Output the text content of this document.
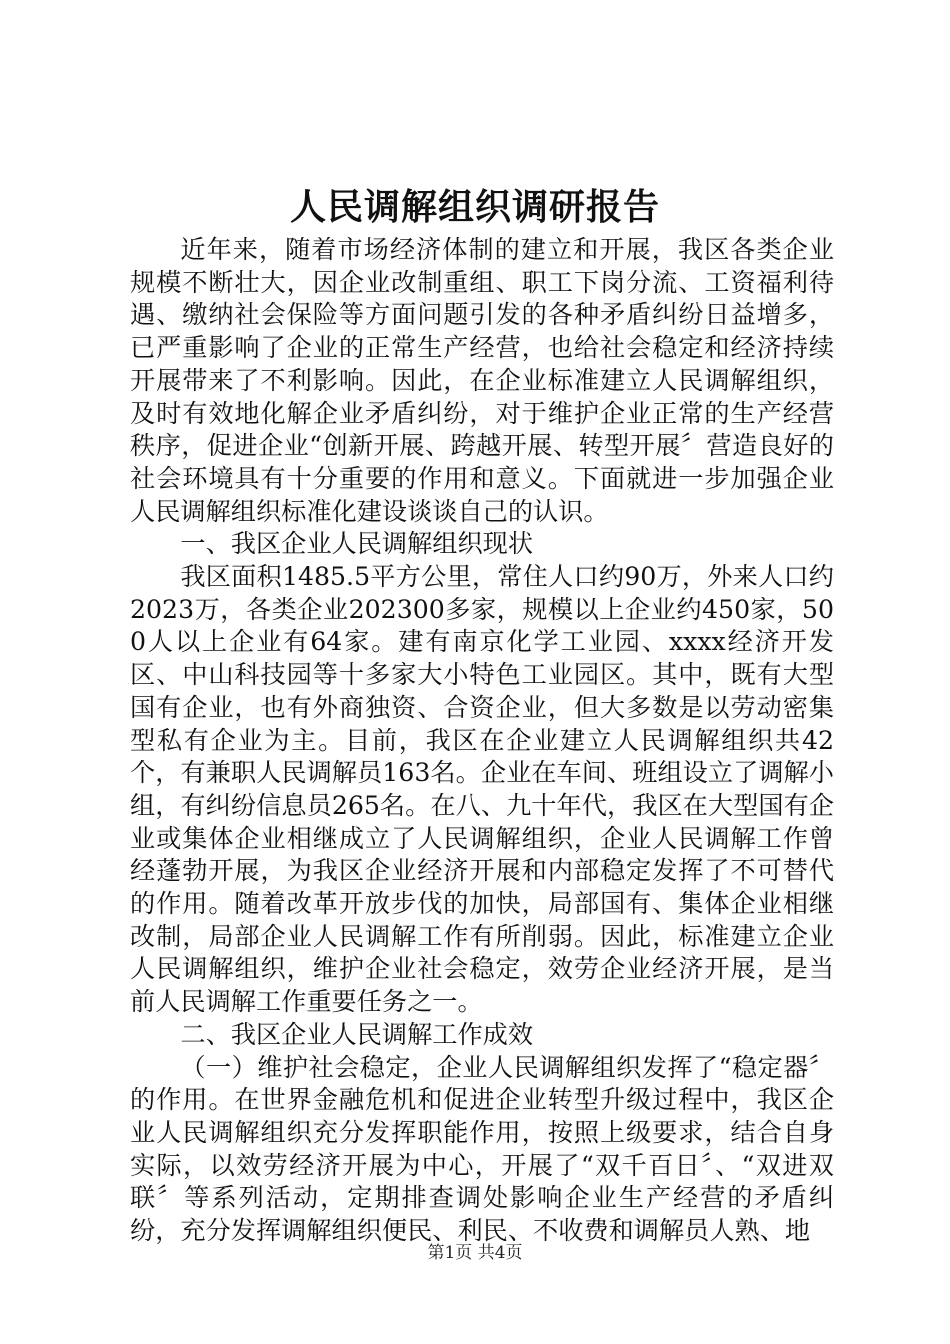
人民调解组织调研报告

近年来，随着市场经济体制的建立和开展，我区各类企业规模不断壮大，因企业改制重组、职工下岗分流、工资福利待遇、缴纳社会保险等方面问题引发的各种矛盾纠纷日益增多，已严重影响了企业的正常生产经营，也给社会稳定和经济持续开展带来了不利影响。因此，在企业标准建立人民调解组织，及时有效地化解企业矛盾纠纷，对于维护企业正常的生产经营秩序，促进企业“创新开展、跨越开展、转型开展〞营造良好的社会环境具有十分重要的作用和意义。下面就进一步加强企业人民调解组织标准化建设谈谈自己的认识。

一、我区企业人民调解组织现状

我区面积1485.5平方公里，常住人口约90万，外来人口约2023万，各类企业202300多家，规模以上企业约450家，500人以上企业有64家。建有南京化学工业园、xxxx经济开发区、中山科技园等十多家大小特色工业园区。其中，既有大型国有企业，也有外商独资、合资企业，但大多数是以劳动密集型私有企业为主。目前，我区在企业建立人民调解组织共42个，有兼职人民调解员163名。企业在车间、班组设立了调解小组，有纠纷信息员265名。在八、九十年代，我区在大型国有企业或集体企业相继成立了人民调解组织，企业人民调解工作曾经蓬勃开展，为我区企业经济开展和内部稳定发挥了不可替代的作用。随着改革开放步伐的加快，局部国有、集体企业相继改制，局部企业人民调解工作有所削弱。因此，标准建立企业人民调解组织，维护企业社会稳定，效劳企业经济开展，是当前人民调解工作重要任务之一。

二、我区企业人民调解工作成效

（一）维护社会稳定，企业人民调解组织发挥了“稳定器〞的作用。在世界金融危机和促进企业转型升级过程中，我区企业人民调解组织充分发挥职能作用，按照上级要求，结合自身实际，以效劳经济开展为中心，开展了“双千百日〞、“双进双联〞等系列活动，定期排查调处影响企业生产经营的矛盾纠纷，充分发挥调解组织便民、利民、不收费和调解员人熟、地

第1页 共4页
